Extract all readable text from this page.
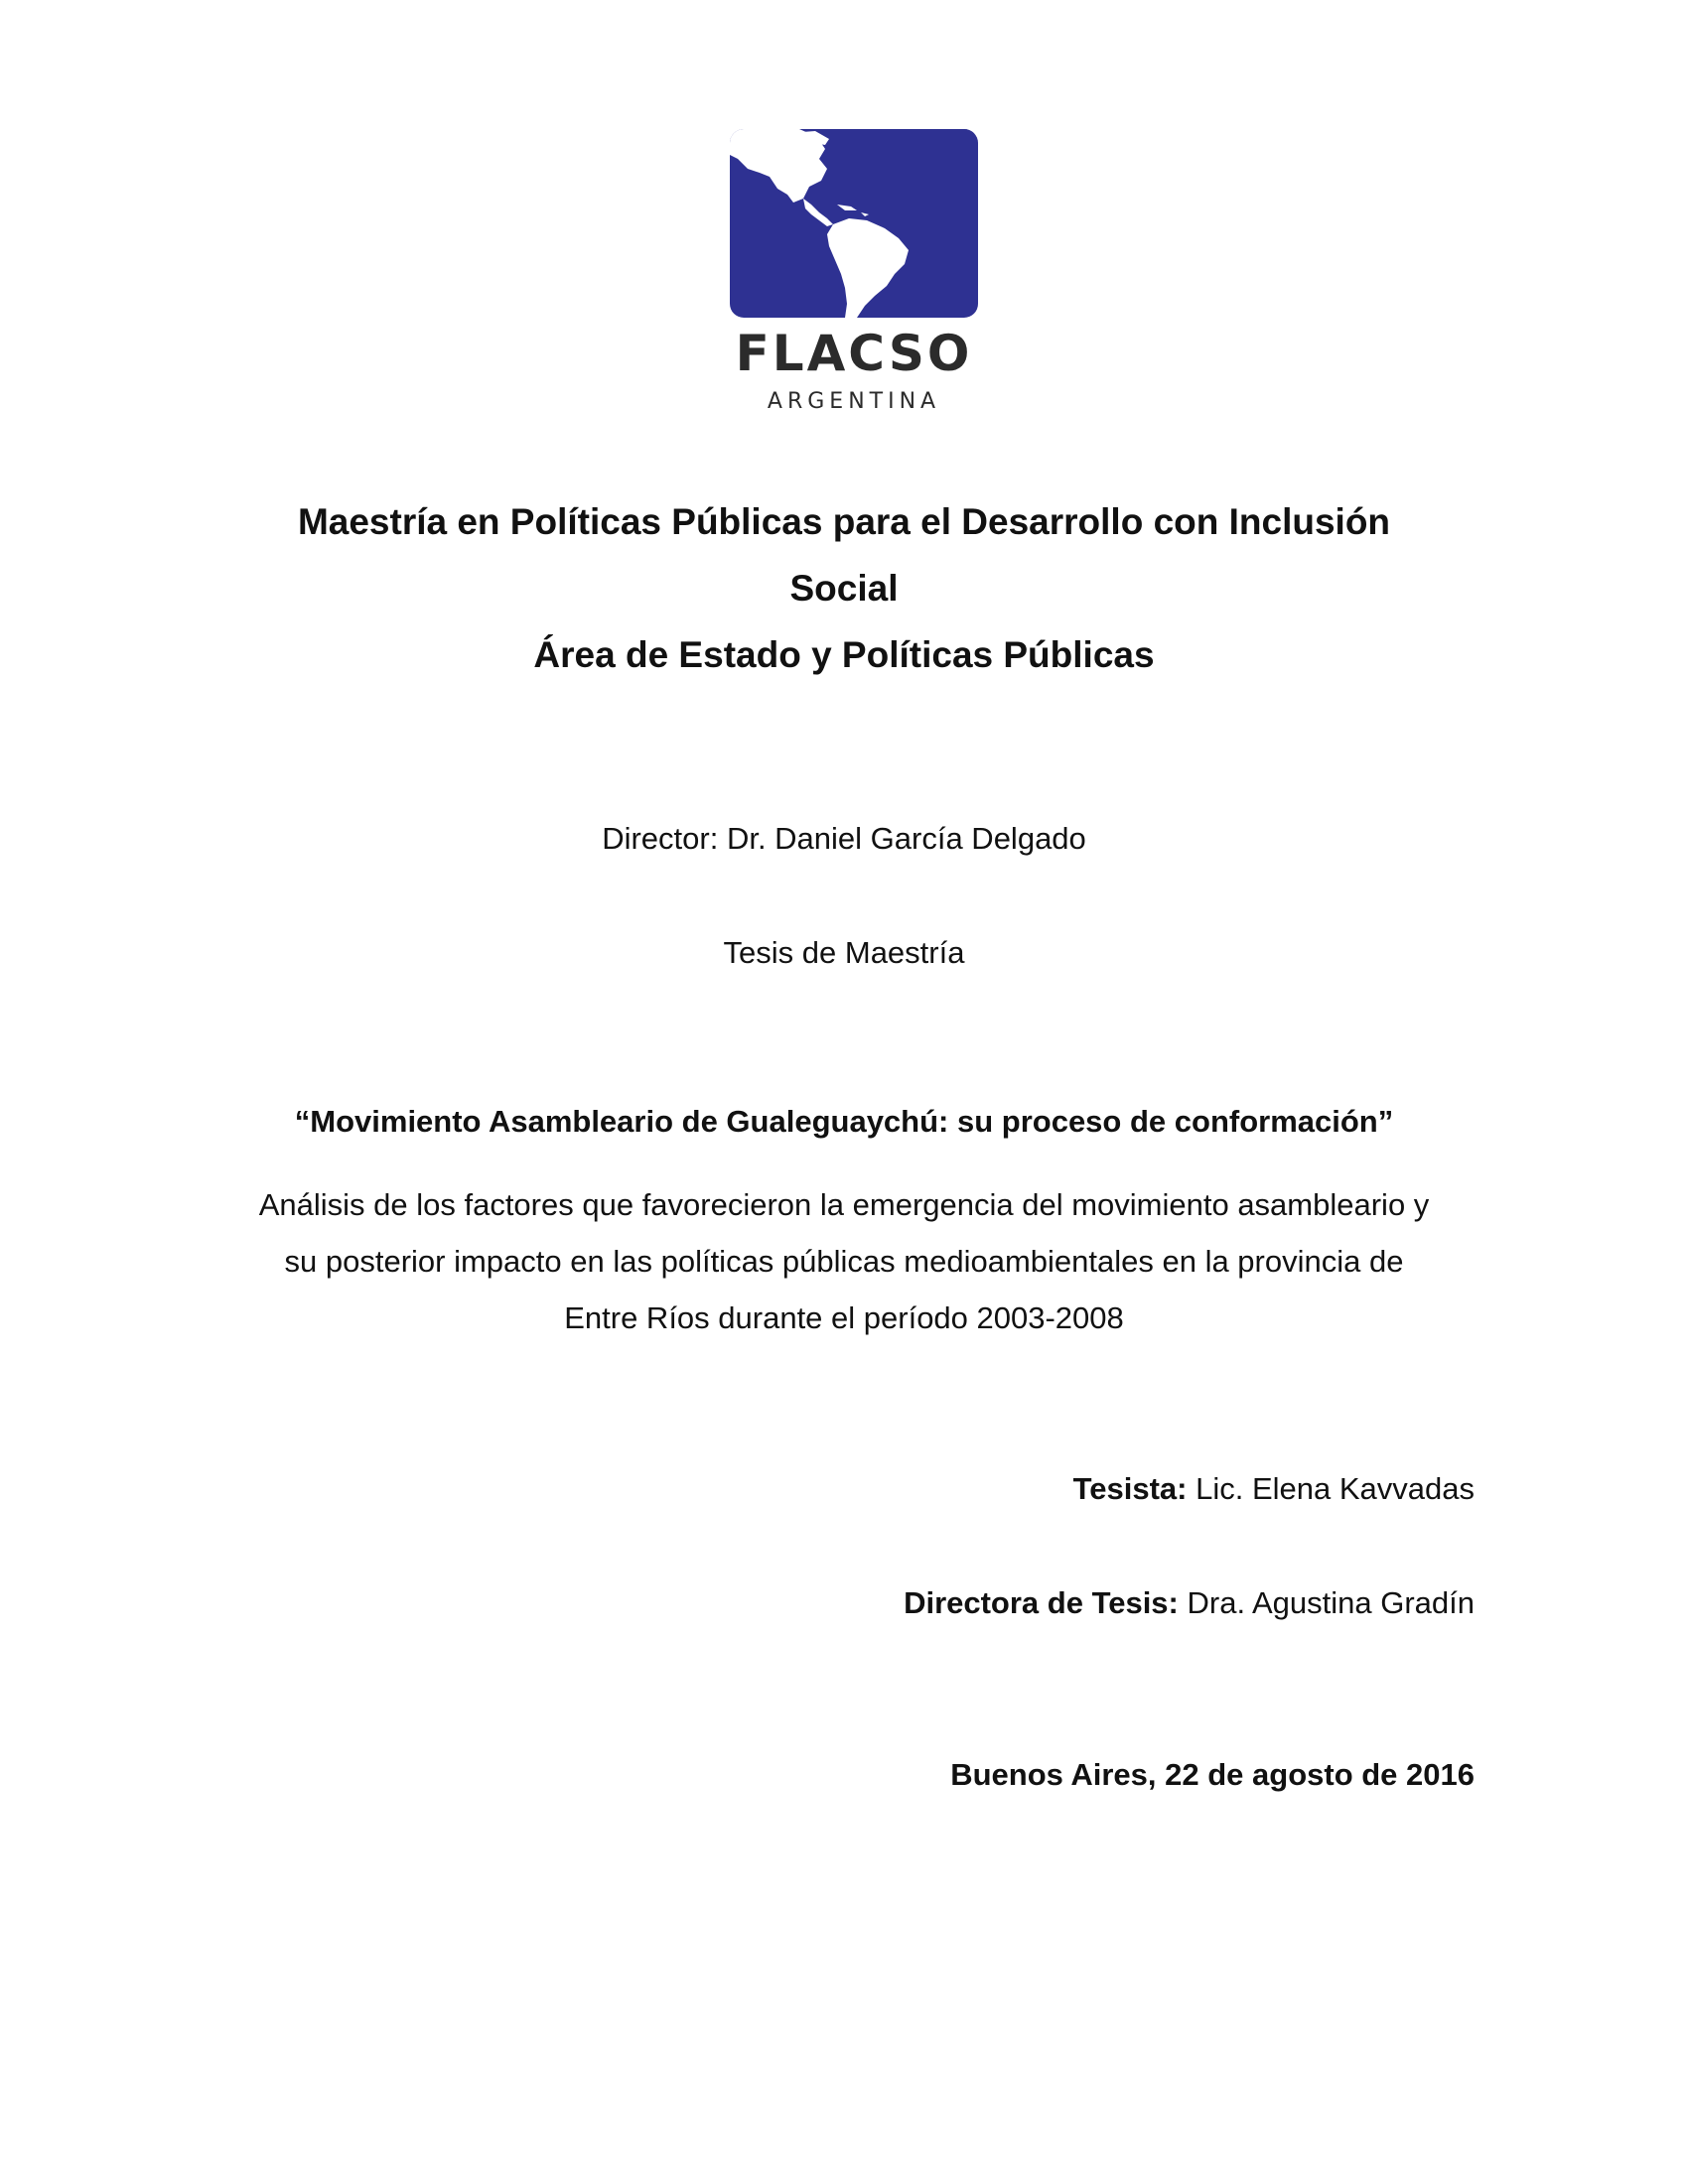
FLACSO
ARGENTINA

Maestría en Políticas Públicas para el Desarrollo con Inclusión

Social

Área de Estado y Políticas Públicas

Director: Dr. Daniel García Delgado
Tesis de Maestría
“Movimiento Asambleario de Gualeguaychú: su proceso de conformación”
Análisis de los factores que favorecieron la emergencia del movimiento asambleario y
su posterior impacto en las políticas públicas medioambientales en la provincia de
Entre Ríos durante el período 2003-2008
Tesista: Lic. Elena Kavvadas
Directora de Tesis: Dra. Agustina Gradín
Buenos Aires, 22 de agosto de 2016
